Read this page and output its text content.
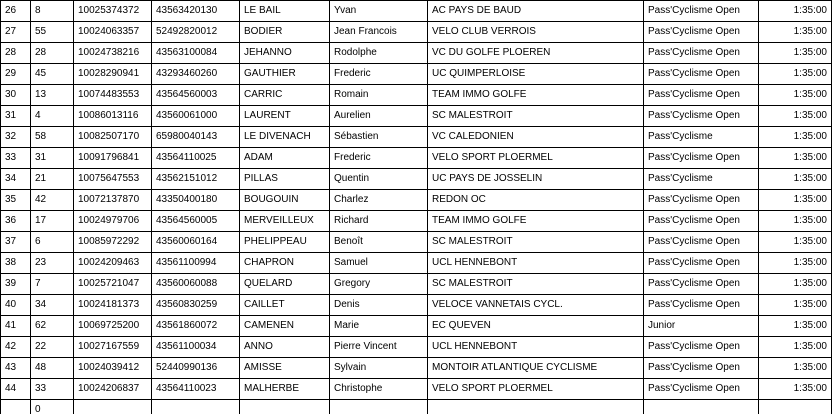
26	8	10025374372	43563420130	LE BAIL	Yvan	AC PAYS DE BAUD	Pass'Cyclisme Open	1:35:00
27	55	10024063357	52492820012	BODIER	Jean Francois	VELO CLUB VERROIS	Pass'Cyclisme Open	1:35:00
28	28	10024738216	43563100084	JEHANNO	Rodolphe	VC DU GOLFE PLOEREN	Pass'Cyclisme Open	1:35:00
29	45	10028290941	43293460260	GAUTHIER	Frederic	UC QUIMPERLOISE	Pass'Cyclisme Open	1:35:00
30	13	10074483553	43564560003	CARRIC	Romain	TEAM IMMO GOLFE	Pass'Cyclisme Open	1:35:00
31	4	10086013116	43560061000	LAURENT	Aurelien	SC MALESTROIT	Pass'Cyclisme Open	1:35:00
32	58	10082507170	65980040143	LE DIVENACH	Sébastien	VC CALEDONIEN	Pass'Cyclisme	1:35:00
33	31	10091796841	43564110025	ADAM	Frederic	VELO SPORT PLOERMEL	Pass'Cyclisme Open	1:35:00
34	21	10075647553	43562151012	PILLAS	Quentin	UC PAYS DE JOSSELIN	Pass'Cyclisme	1:35:00
35	42	10072137870	43350400180	BOUGOUIN	Charlez	REDON OC	Pass'Cyclisme Open	1:35:00
36	17	10024979706	43564560005	MERVEILLEUX	Richard	TEAM IMMO GOLFE	Pass'Cyclisme Open	1:35:00
37	6	10085972292	43560060164	PHELIPPEAU	Benoît	SC MALESTROIT	Pass'Cyclisme Open	1:35:00
38	23	10024209463	43561100994	CHAPRON	Samuel	UCL HENNEBONT	Pass'Cyclisme Open	1:35:00
39	7	10025721047	43560060088	QUELARD	Gregory	SC MALESTROIT	Pass'Cyclisme Open	1:35:00
40	34	10024181373	43560830259	CAILLET	Denis	VELOCE VANNETAIS CYCL.	Pass'Cyclisme Open	1:35:00
41	62	10069725200	43561860072	CAMENEN	Marie	EC QUEVEN	Junior	1:35:00
42	22	10027167559	43561100034	ANNO	Pierre Vincent	UCL HENNEBONT	Pass'Cyclisme Open	1:35:00
43	48	10024039412	52440990136	AMISSE	Sylvain	MONTOIR ATLANTIQUE CYCLISME	Pass'Cyclisme Open	1:35:00
44	33	10024206837	43564110023	MALHERBE	Christophe	VELO SPORT PLOERMEL	Pass'Cyclisme Open	1:35:00
	0							
